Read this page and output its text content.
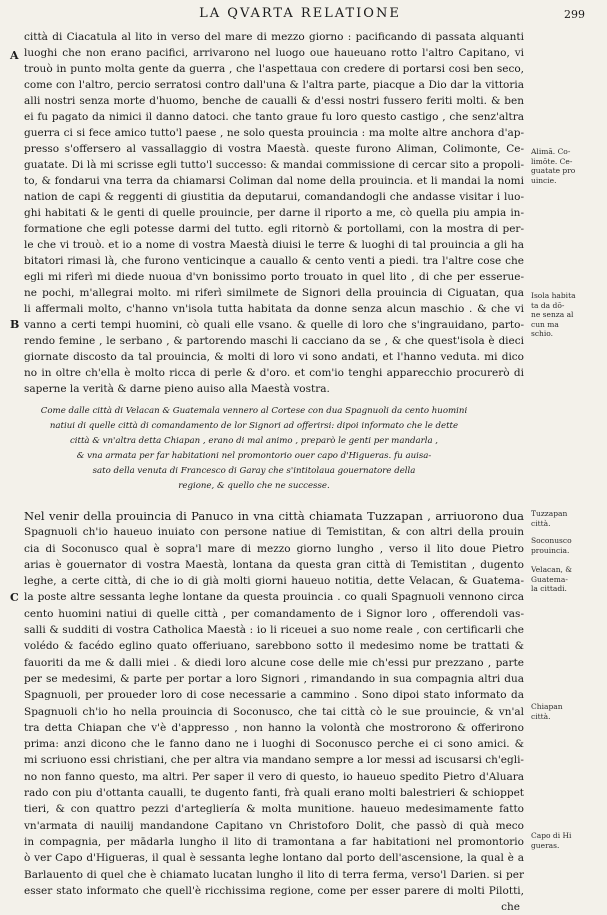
LA QVARTA RELATIONE	299
A
B
C
città di Ciacatula al lito in verso del mare di mezzo giorno : pacificando di passata alquanti
luoghi che non erano pacifici, arrivarono nel luogo oue haueuano rotto l'altro Capitano, vi
trouò in punto molta gente da guerra , che l'aspettaua con credere di portarsi cosi ben seco,
come con l'altro, percio serratosi contro dall'una & l'altra parte, piacque a Dio dar la vittoria
alli nostri senza morte d'huomo, benche de caualli & d'essi nostri fussero feriti molti. & ben
ei fu pagato da nimici il danno datoci. che tanto graue fu loro questo castigo , che senz'altra
guerra ci si fece amico tutto'l paese , ne solo questa prouincia : ma molte altre anchora d'ap-
presso s'offersero al vassallaggio di vostra Maestà. queste furono Aliman, Colimonte, Ce-
guatate. Di là mi scrisse egli tutto'l successo: & mandai commissione di cercar sito a propoli-
to, & fondarui vna terra da chiamarsi Coliman dal nome della prouincia. et li mandai la nomi
nation de capi & reggenti di giustitia da deputarui, comandandogli che andasse visitar i luo-
ghi habitati & le genti di quelle prouincie, per darne il riporto a me, cò quella piu ampia in-
formatione che egli potesse darmi del tutto. egli ritornò & portollami, con la mostra di per-
le che vi trouò. et io a nome di vostra Maestà diuisi le terre & luoghi di tal prouincia a gli ha
bitatori rimasi là, che furono venticinque a cauallo & cento venti a piedi. tra l'altre cose che
egli mi riferì mi diede nuoua d'vn bonissimo porto trouato in quel lito , di che per esserue-
ne pochi, m'allegrai molto. mi riferì similmete de Signori della prouincia di Ciguatan, qua
li affermali molto, c'hanno vn'isola tutta habitata da donne senza alcun maschio . & che vi
vanno a certi tempi huomini, cò quali elle vsano. & quelle di loro che s'ingrauidano, parto-
rendo femine , le serbano , & partorendo maschi li cacciano da se , & che quest'isola è dieci
giornate discosto da tal prouincia, & molti di loro vi sono andati, et l'hanno veduta. mi dico
no in oltre ch'ella è molto ricca di perle & d'oro. et com'io tenghi apparecchio procurerò di
saperne la verità & darne pieno auiso alla Maestà vostra.
Come dalle città di Velacan & Guatemala vennero al Cortese con dua Spagnuoli da cento huomini
natiui di quelle città di comandamento de lor Signori ad offerirsi: dipoi informato che le dette
città & vn'altra detta Chiapan , erano di mal animo , preparò le genti per mandarla ,
& vna armata per far habitationi nel promontorio ouer capo d'Higueras. fu auisa-
sato della venuta di Francesco di Garay che s'intitolaua gouernatore della
regione, & quello che ne successe.
Nel venir della prouincia di Panuco in vna città chiamata Tuzzapan , arriuorono dua
Spagnuoli ch'io haueuo inuiato con persone natiue di Temistitan, & con altri della prouin
cia di Soconusco qual è sopra'l mare di mezzo giorno lungho , verso il lito doue Pietro
arias è gouernator di vostra Maestà, lontana da questa gran città di Temistitan , dugento
leghe, a certe città, di che io di già molti giorni haueuo notitia, dette Velacan, & Guatema-
la poste altre sessanta leghe lontane da questa prouincia . co quali Spagnuoli vennono circa
cento huomini natiui di quelle città , per comandamento de i Signor loro , offerendoli vas-
salli & sudditi di vostra Catholica Maestà : io li riceuei a suo nome reale , con certificarli che
volédo & facédo eglino quato offeriuano, sarebbono sotto il medesimo nome be trattati &
fauoriti da me & dalli miei . & diedi loro alcune cose delle mie ch'essi pur prezzano , parte
per se medesimi, & parte per portar a loro Signori , rimandando in sua compagnia altri dua
Spagnuoli, per proueder loro di cose necessarie a cammino . Sono dipoi stato informato da
Spagnuoli ch'io ho nella prouincia di Soconusco, che tai città cò le sue prouincie, & vn'al
tra detta Chiapan che v'è d'appresso , non hanno la volontà che mostrorono & offerirono
prima: anzi dicono che le fanno dano ne i luoghi di Soconusco perche ei ci sono amici. &
mi scriuono essi christiani, che per altra via mandano sempre a lor messi ad iscusarsi ch'egli-
no non fanno questo, ma altri. Per saper il vero di questo, io haueuo spedito Pietro d'Aluara
rado con piu d'ottanta caualli, te dugento fanti, frà quali erano molti balestrieri & schioppet
tieri, & con quattro pezzi d'artegliería & molta munitione. haueuo medesimamente fatto
vn'armata di nauilij mandandone Capitano vn Christoforo Dolit, che passò di quà meco
in compagnia, per mādarla lungho il lito di tramontana a far habitationi nel promontorio
ò ver Capo d'Higueras, il qual è sessanta leghe lontano dal porto dell'ascensione, la qual è a
Barlauento di quel che è chiamato lucatan lungho il lito di terra ferma, verso'l Darien. si per
esser stato informato che quell'è ricchissima regione, come per esser parere di molti Pilotti,
che
Alimā. Co-
limōte. Ce-
guatate pro
uincie.
Isola habita
ta da dō-
ne senza al
cun ma
schio.
Tuzzapan
città.
Soconusco
prouincia.
Velacan, &
Guatema-
la cittadi.
Chiapan
città.
Capo di Hi
gueras.
